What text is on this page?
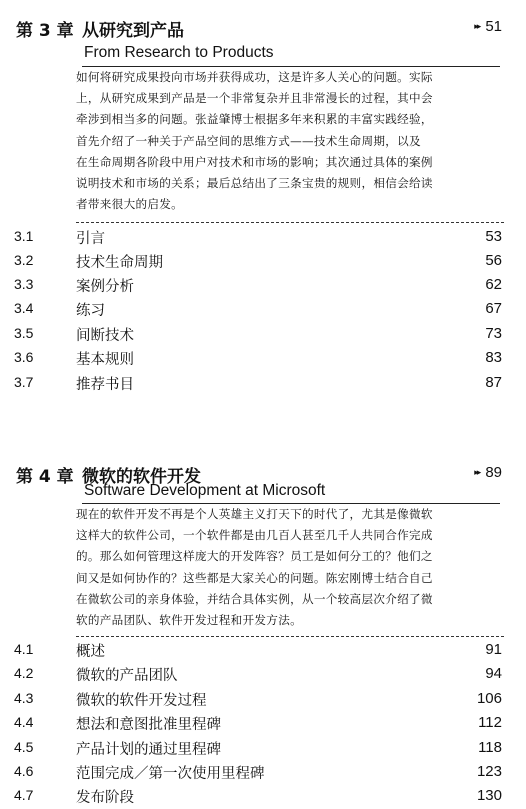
第 3 章 从研究到产品	▸▸ 51
From Research to Products
如何将研究成果投向市场并获得成功，这是许多人关心的问题。实际
上，从研究成果到产品是一个非常复杂并且非常漫长的过程，其中会
牵涉到相当多的问题。张益肇博士根据多年来积累的丰富实践经验，
首先介绍了一种关于产品空间的思维方式——技术生命周期，以及
在生命周期各阶段中用户对技术和市场的影响；其次通过具体的案例
说明技术和市场的关系；最后总结出了三条宝贵的规则，相信会给读
者带来很大的启发。
3.1	引言	53
3.2	技术生命周期	56
3.3	案例分析	62
3.4	练习	67
3.5	间断技术	73
3.6	基本规则	83
3.7	推荐书目	87
第 4 章 微软的软件开发	▸▸ 89
Software Development at Microsoft
现在的软件开发不再是个人英雄主义打天下的时代了，尤其是像微软
这样大的软件公司，一个软件都是由几百人甚至几千人共同合作完成
的。那么如何管理这样庞大的开发阵容？员工是如何分工的？他们之
间又是如何协作的？这些都是大家关心的问题。陈宏刚博士结合自己
在微软公司的亲身体验，并结合具体实例，从一个较高层次介绍了微
软的产品团队、软件开发过程和开发方法。
4.1	概述	91
4.2	微软的产品团队	94
4.3	微软的软件开发过程	106
4.4	想法和意图批准里程碑	112
4.5	产品计划的通过里程碑	118
4.6	范围完成／第一次使用里程碑	123
4.7	发布阶段	130
